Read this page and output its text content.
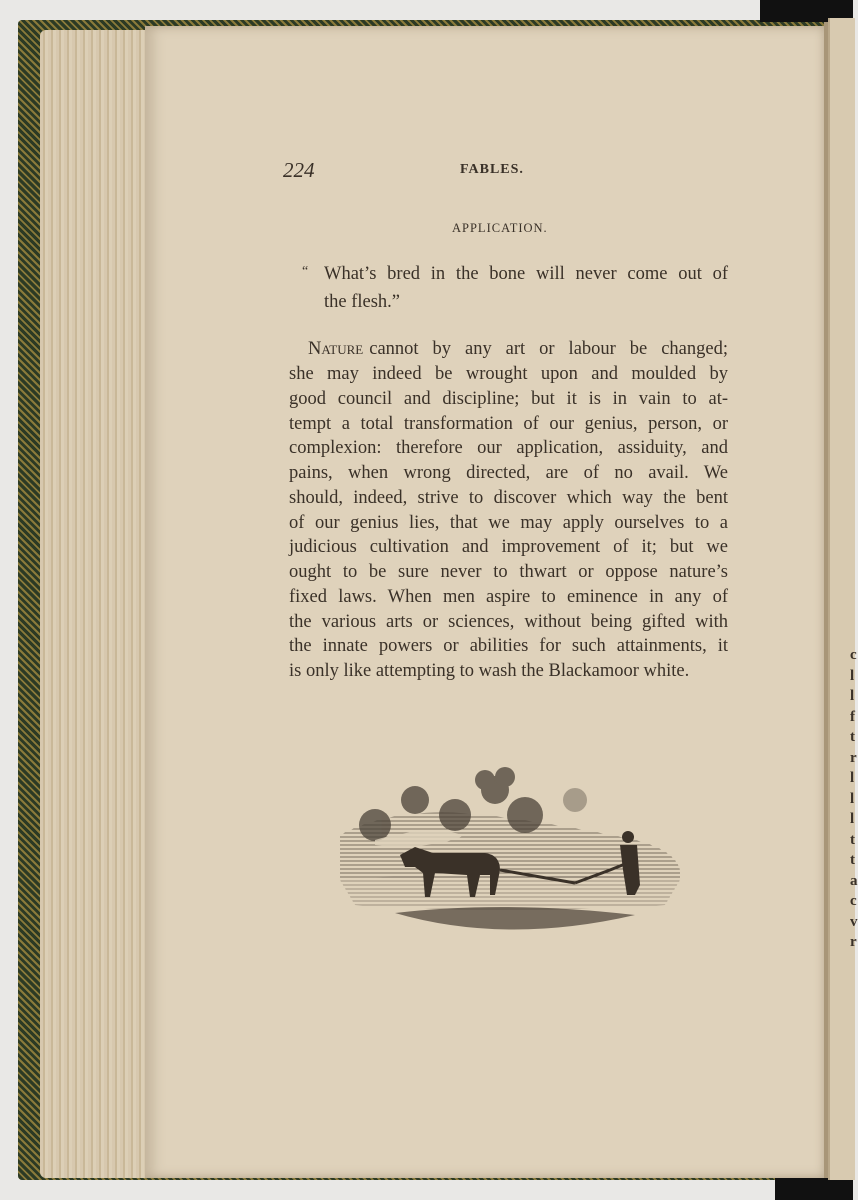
c
l
l
f
t
r
l
l
l
t
t
a
c
v
r
224	FABLES.
APPLICATION.
“ What’s bred in the bone will never come out of
the flesh.”
Nature cannot by any art or labour be changed;
she may indeed be wrought upon and moulded by
good council and discipline; but it is in vain to at-
tempt a total transformation of our genius, person, or
complexion: therefore our application, assiduity, and
pains, when wrong directed, are of no avail. We
should, indeed, strive to discover which way the bent
of our genius lies, that we may apply ourselves to a
judicious cultivation and improvement of it; but we
ought to be sure never to thwart or oppose nature’s
fixed laws. When men aspire to eminence in any of
the various arts or sciences, without being gifted with
the innate powers or abilities for such attainments, it
is only like attempting to wash the Blackamoor white.
